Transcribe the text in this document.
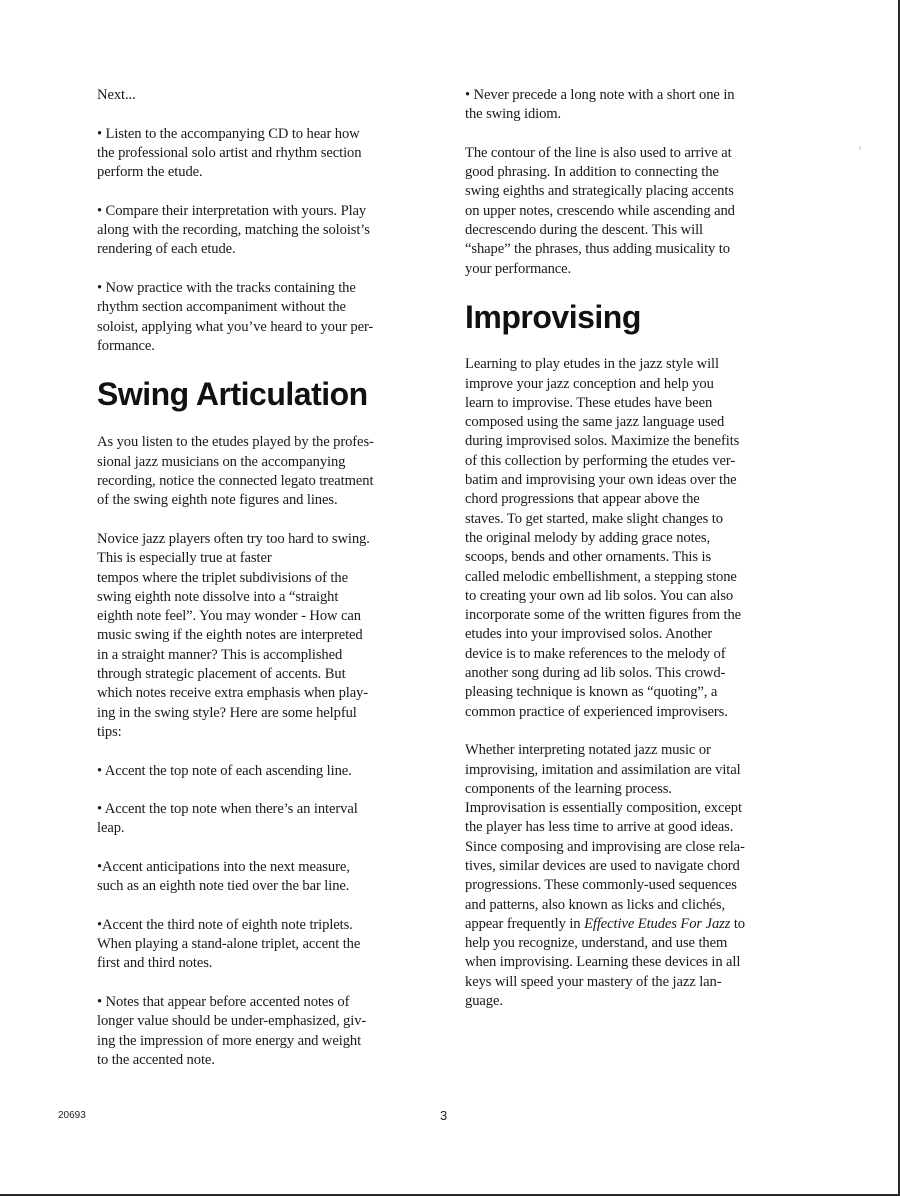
Next...

• Listen to the accompanying CD to hear how
the professional solo artist and rhythm section
perform the etude.

• Compare their interpretation with yours. Play
along with the recording, matching the soloist’s
rendering of each etude.

• Now practice with the tracks containing the
rhythm section accompaniment without the
soloist, applying what you’ve heard to your per-
formance.

Swing Articulation

As you listen to the etudes played by the profes-
sional jazz musicians on the accompanying
recording, notice the connected legato treatment
of the swing eighth note figures and lines.

Novice jazz players often try too hard to swing.
This is especially true at faster
tempos where the triplet subdivisions of the
swing eighth note dissolve into a “straight
eighth note feel”. You may wonder - How can
music swing if the eighth notes are interpreted
in a straight manner? This is accomplished
through strategic placement of accents. But
which notes receive extra emphasis when play-
ing in the swing style? Here are some helpful
tips:

• Accent the top note of each ascending line.

• Accent the top note when there’s an interval
leap.

•Accent anticipations into the next measure,
such as an eighth note tied over the bar line.

•Accent the third note of eighth note triplets.
When playing a stand-alone triplet, accent the
first and third notes.

• Notes that appear before accented notes of
longer value should be under-emphasized, giv-
ing the impression of more energy and weight
to the accented note.

• Never precede a long note with a short one in
the swing idiom.

The contour of the line is also used to arrive at
good phrasing. In addition to connecting the
swing eighths and strategically placing accents
on upper notes, crescendo while ascending and
decrescendo during the descent. This will
“shape” the phrases, thus adding musicality to
your performance.

Improvising

Learning to play etudes in the jazz style will
improve your jazz conception and help you
learn to improvise. These etudes have been
composed using the same jazz language used
during improvised solos. Maximize the benefits
of this collection by performing the etudes ver-
batim and improvising your own ideas over the
chord progressions that appear above the
staves. To get started, make slight changes to
the original melody by adding grace notes,
scoops, bends and other ornaments. This is
called melodic embellishment, a stepping stone
to creating your own ad lib solos. You can also
incorporate some of the written figures from the
etudes into your improvised solos. Another
device is to make references to the melody of
another song during ad lib solos. This crowd-
pleasing technique is known as “quoting”, a
common practice of experienced improvisers.

Whether interpreting notated jazz music or
improvising, imitation and assimilation are vital
components of the learning process.
Improvisation is essentially composition, except
the player has less time to arrive at good ideas.
Since composing and improvising are close rela-
tives, similar devices are used to navigate chord
progressions. These commonly-used sequences
and patterns, also known as licks and clichés,
appear frequently in Effective Etudes For Jazz to
help you recognize, understand, and use them
when improvising. Learning these devices in all
keys will speed your mastery of the jazz lan-
guage.

20693	3
›
